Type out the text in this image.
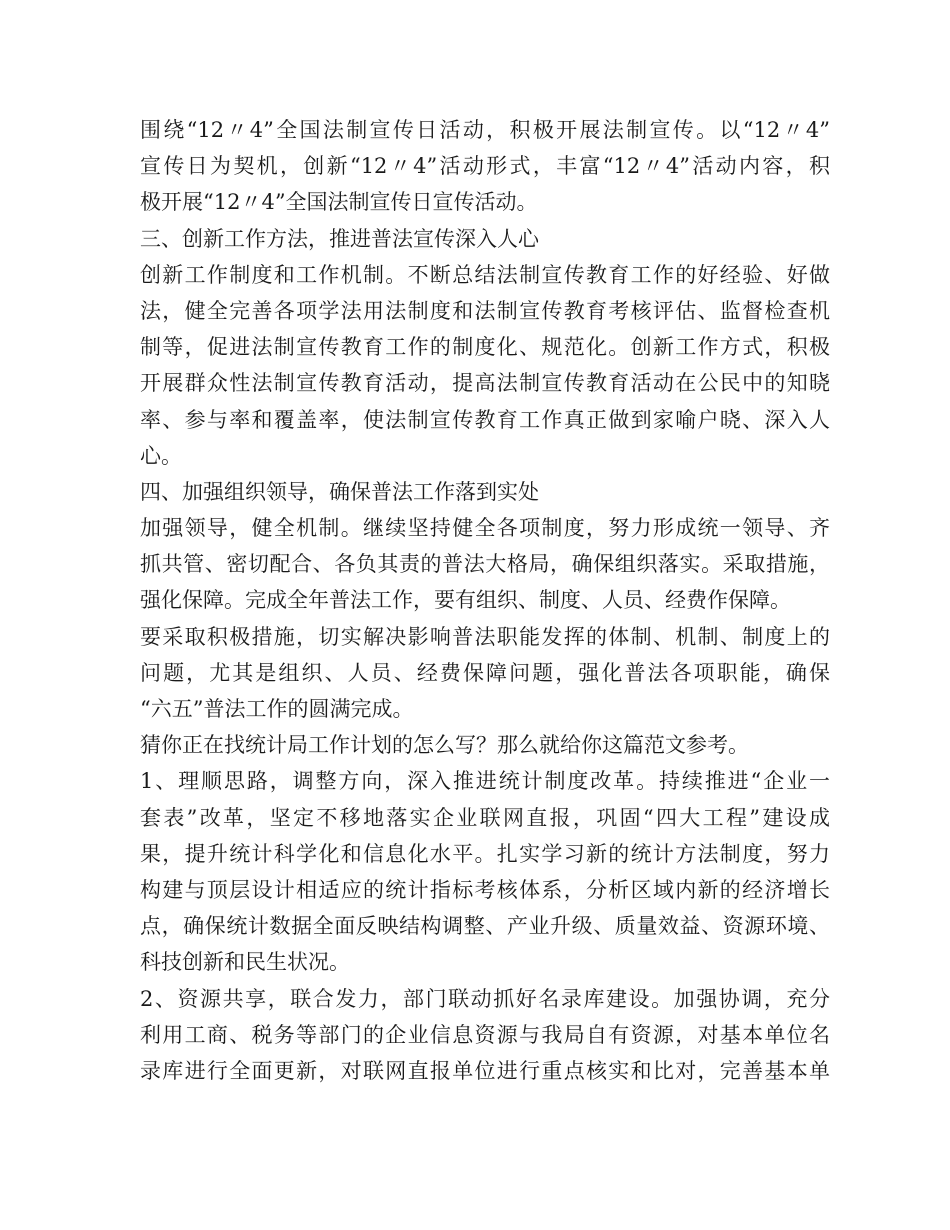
围绕“12〃4”全国法制宣传日活动，积极开展法制宣传。以“12〃4”
宣传日为契机，创新“12〃4”活动形式，丰富“12〃4”活动内容，积
极开展“12〃4”全国法制宣传日宣传活动。
三、创新工作方法，推进普法宣传深入人心
创新工作制度和工作机制。不断总结法制宣传教育工作的好经验、好做
法，健全完善各项学法用法制度和法制宣传教育考核评估、监督检查机
制等，促进法制宣传教育工作的制度化、规范化。创新工作方式，积极
开展群众性法制宣传教育活动，提高法制宣传教育活动在公民中的知晓
率、参与率和覆盖率，使法制宣传教育工作真正做到家喻户晓、深入人
心。
四、加强组织领导，确保普法工作落到实处
加强领导，健全机制。继续坚持健全各项制度，努力形成统一领导、齐
抓共管、密切配合、各负其责的普法大格局，确保组织落实。采取措施，
强化保障。完成全年普法工作，要有组织、制度、人员、经费作保障。
要采取积极措施，切实解决影响普法职能发挥的体制、机制、制度上的
问题，尤其是组织、人员、经费保障问题，强化普法各项职能，确保
“六五”普法工作的圆满完成。
猜你正在找统计局工作计划的怎么写？那么就给你这篇范文参考。
1、理顺思路，调整方向，深入推进统计制度改革。持续推进“企业一
套表”改革，坚定不移地落实企业联网直报，巩固“四大工程”建设成
果，提升统计科学化和信息化水平。扎实学习新的统计方法制度，努力
构建与顶层设计相适应的统计指标考核体系，分析区域内新的经济增长
点，确保统计数据全面反映结构调整、产业升级、质量效益、资源环境、
科技创新和民生状况。
2、资源共享，联合发力，部门联动抓好名录库建设。加强协调，充分
利用工商、税务等部门的企业信息资源与我局自有资源，对基本单位名
录库进行全面更新，对联网直报单位进行重点核实和比对，完善基本单
